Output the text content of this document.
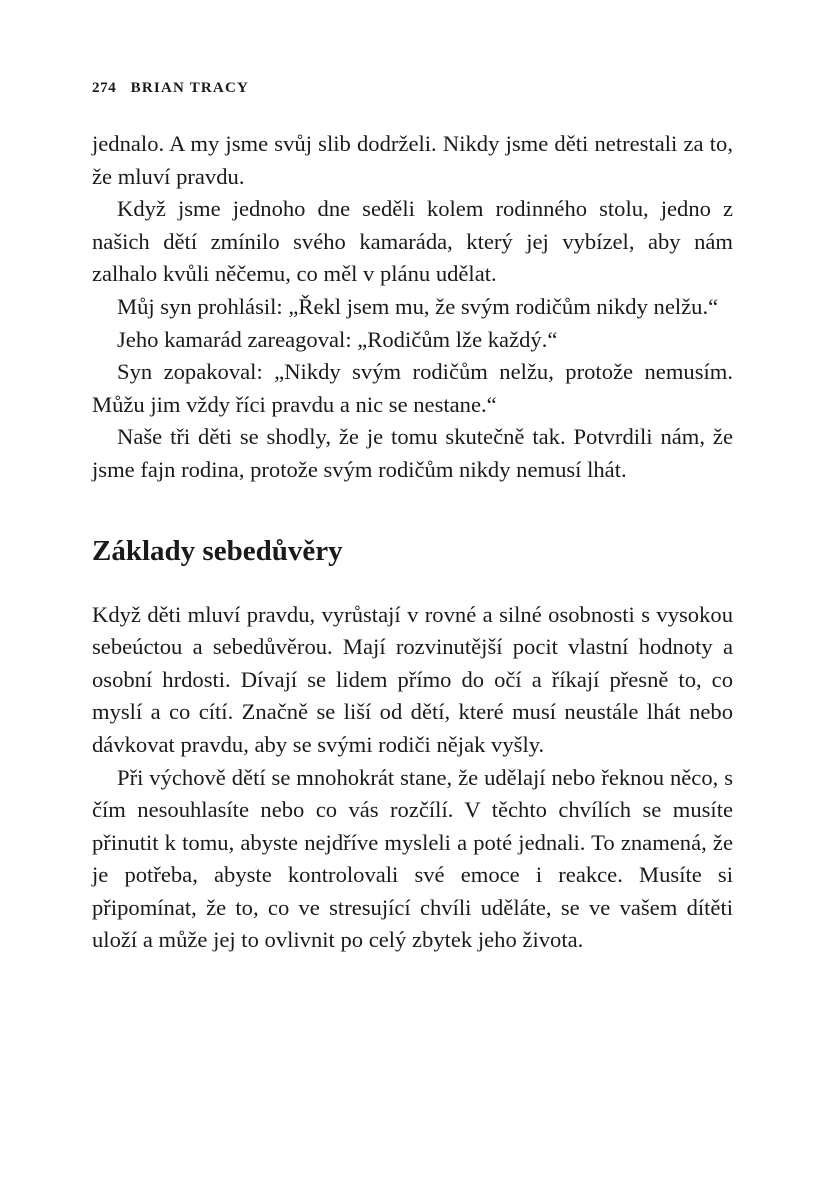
274 BRIAN TRACY

jednalo. A my jsme svůj slib dodrželi. Nikdy jsme děti netrestali za to, že mluví pravdu.

Když jsme jednoho dne seděli kolem rodinného stolu, jedno z našich dětí zmínilo svého kamaráda, který jej vybízel, aby nám zalhalo kvůli něčemu, co měl v plánu udělat.

Můj syn prohlásil: „Řekl jsem mu, že svým rodičům nikdy nelžu.“

Jeho kamarád zareagoval: „Rodičům lže každý.“

Syn zopakoval: „Nikdy svým rodičům nelžu, protože nemusím. Můžu jim vždy říci pravdu a nic se nestane.“

Naše tři děti se shodly, že je tomu skutečně tak. Potvrdili nám, že jsme fajn rodina, protože svým rodičům nikdy nemusí lhát.

Základy sebedůvěry

Když děti mluví pravdu, vyrůstají v rovné a silné osobnosti s vysokou sebeúctou a sebedůvěrou. Mají rozvinutější pocit vlastní hodnoty a osobní hrdosti. Dívají se lidem přímo do očí a říkají přesně to, co myslí a co cítí. Značně se liší od dětí, které musí neustále lhát nebo dávkovat pravdu, aby se svými rodiči nějak vyšly.

Při výchově dětí se mnohokrát stane, že udělají nebo řeknou něco, s čím nesouhlasíte nebo co vás rozčílí. V těchto chvílích se musíte přinutit k tomu, abyste nejdříve mysleli a poté jednali. To znamená, že je potřeba, abyste kontrolovali své emoce i reakce. Musíte si připomínat, že to, co ve stresující chvíli uděláte, se ve vašem dítěti uloží a může jej to ovlivnit po celý zbytek jeho života.
